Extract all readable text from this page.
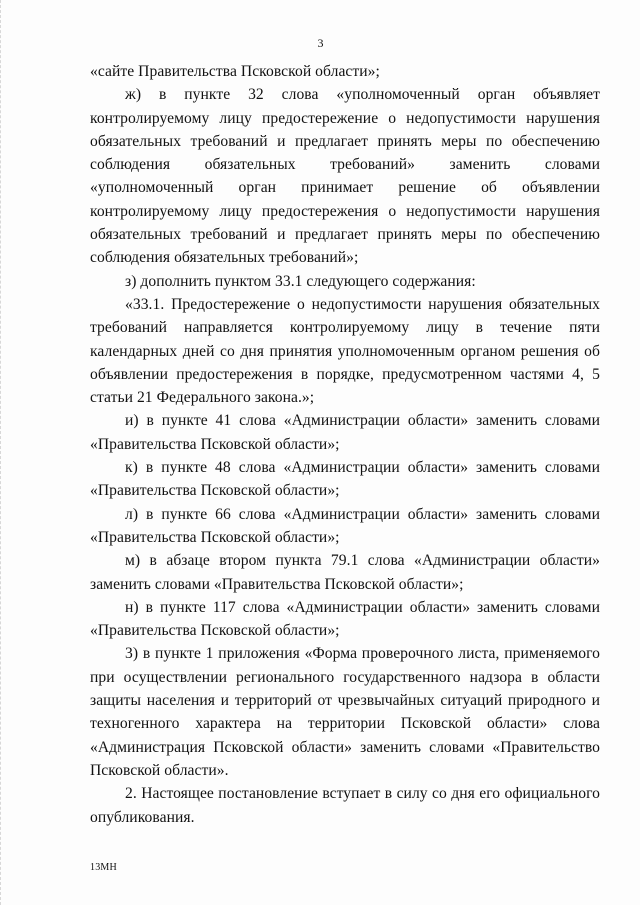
3

«сайте Правительства Псковской области»;

ж) в пункте 32 слова «уполномоченный орган объявляет контролируемому лицу предостережение о недопустимости нарушения обязательных требований и предлагает принять меры по обеспечению соблюдения обязательных требований» заменить словами «уполномоченный орган принимает решение об объявлении контролируемому лицу предостережения о недопустимости нарушения обязательных требований и предлагает принять меры по обеспечению соблюдения обязательных требований»;

з) дополнить пунктом 33.1 следующего содержания:

«33.1. Предостережение о недопустимости нарушения обязательных требований направляется контролируемому лицу в течение пяти календарных дней со дня принятия уполномоченным органом решения об объявлении предостережения в порядке, предусмотренном частями 4, 5 статьи 21 Федерального закона.»;

и) в пункте 41 слова «Администрации области» заменить словами «Правительства Псковской области»;

к) в пункте 48 слова «Администрации области» заменить словами «Правительства Псковской области»;

л) в пункте 66 слова «Администрации области» заменить словами «Правительства Псковской области»;

м) в абзаце втором пункта 79.1 слова «Администрации области» заменить словами «Правительства Псковской области»;

н) в пункте 117 слова «Администрации области» заменить словами «Правительства Псковской области»;

3) в пункте 1 приложения «Форма проверочного листа, применяемого при осуществлении регионального государственного надзора в области защиты населения и территорий от чрезвычайных ситуаций природного и техногенного характера на территории Псковской области» слова «Администрация Псковской области» заменить словами «Правительство Псковской области».

2. Настоящее постановление вступает в силу со дня его официального опубликования.

13МН
